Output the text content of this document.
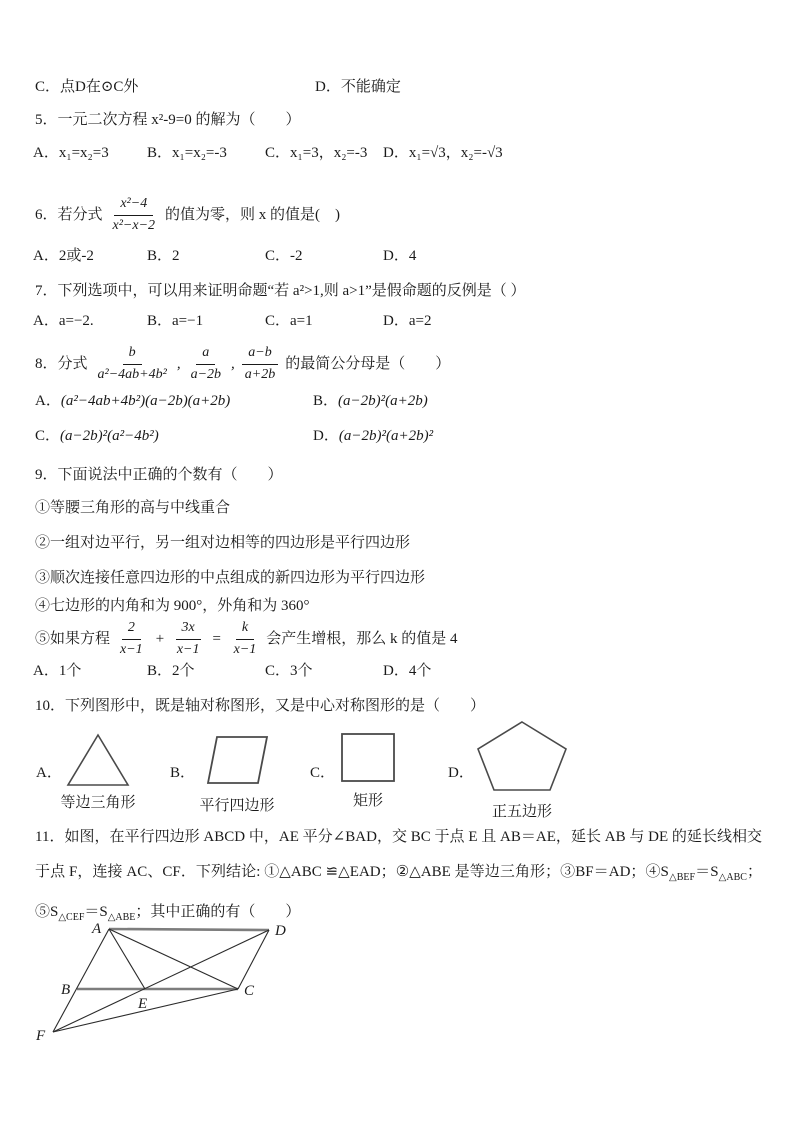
C．点D在⊙C外	D．不能确定
5．一元二次方程 x²-9=0 的解为（　　）
A．x₁=x₂=3	B．x₁=x₂=-3	C．x₁=3，x₂=-3	D．x₁=√3，x₂=-√3
6．若分式 $\frac{\text{x²−4}}{\text{x²−x−2}}$ 的值为零，则 x 的值是(　)
A．2或-2	B．2	C．-2	D．4
7．下列选项中，可以用来证明命题“若 a²>1,则 a>1”是假命题的反例是（ ）
A．a=−2.	B．a=−1	C．a=1	D．a=2
8．分式 $\frac{b}{\text{a²−4ab+4b²}}$ , $\frac{a}{a-2b}$ , $\frac{a-b}{a+2b}$ 的最简公分母是（　　）
A．(a²−4ab+4b²)(a−2b)(a+2b)	B．(a−2b)²(a+2b)
C．(a−2b)²(a²−4b²)	D．(a−2b)²(a+2b)²
9．下面说法中正确的个数有（　　）
①等腰三角形的高与中线重合
②一组对边平行，另一组对边相等的四边形是平行四边形
③顺次连接任意四边形的中点组成的新四边形为平行四边形
④七边形的内角和为 900°，外角和为 360°
⑤如果方程 $\frac{2}{x-1} + \frac{3x}{x-1} = \frac{k}{x-1}$ 会产生增根，那么 k 的值是 4
A．1个	B．2个	C．3个	D．4个
10．下列图形中，既是轴对称图形，又是中心对称图形的是（　　）
A．
等边三角形
B．
平行四边形
C．
矩形
D．
正五边形
11．如图，在平行四边形 ABCD 中，AE 平分∠BAD，交 BC 于点 E 且 AB＝AE，延长 AB 与 DE 的延长线相交于点 F，连接 AC、CF．下列结论: ①△ABC ≌△EAD；②△ABE 是等边三角形；③BF＝AD；$④S_{\triangle BEF}=S_{\triangle ABC}$；$⑤S_{\triangle CEF}=S_{\triangle ABE}$；其中正确的有（　　）
A	D
B	C
E
F
